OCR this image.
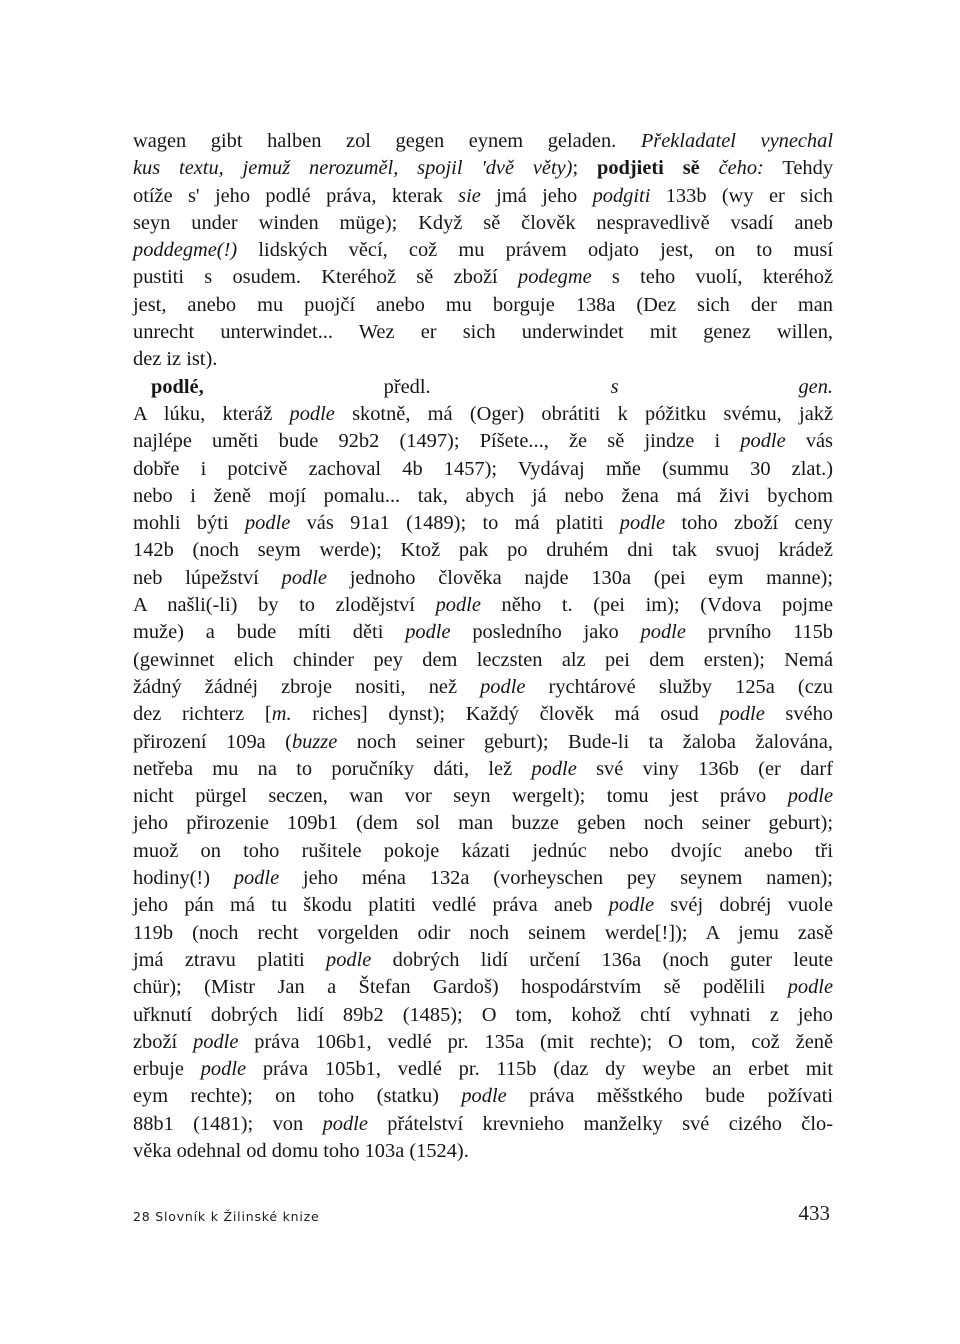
wagen gibt halben zol gegen eynem geladen. Překladatel vynechal
kus textu, jemuž nerozuměl, spojil 'dvě věty); podjieti sě čeho: Tehdy
otíže s' jeho podlé práva, kterak sie jmá jeho podgiti 133b (wy er sich
seyn under winden müge); Když sě člověk nespravedlivě vsadí aneb
poddegme(!) lidských věcí, což mu právem odjato jest, on to musí
pustiti s osudem. Kteréhož sě zboží podegme s teho vuolí, kteréhož
jest, anebo mu puojčí anebo mu borguje 138a (Dez sich der man
unrecht unterwindet... Wez er sich underwindet mit genez willen,
dez iz ist).
podlé, předl. s gen.
A lúku, kteráž podle skotně, má (Oger) obrátiti k póžitku svému, jakž
najlépe uměti bude 92b2 (1497); Píšete..., že sě jindze i podle vás
dobře i potcivě zachoval 4b 1457); Vydávaj mňe (summu 30 zlat.)
nebo i ženě mojí pomalu... tak, abych já nebo žena má živi bychom
mohli býti podle vás 91a1 (1489); to má platiti podle toho zboží ceny
142b (noch seym werde); Ktož pak po druhém dni tak svuoj krádež
neb lúpežství podle jednoho člověka najde 130a (pei eym manne);
A našli(-li) by to zlodějství podle něho t. (pei im); (Vdova pojme
muže) a bude míti děti podle posledního jako podle prvního 115b
(gewinnet elich chinder pey dem leczsten alz pei dem ersten); Nemá
žádný žádnéj zbroje nositi, než podle rychtárové služby 125a (czu
dez richterz [m. riches] dynst); Každý člověk má osud podle svého
přirození 109a (buzze noch seiner geburt); Bude-li ta žaloba žalována,
netřeba mu na to poručníky dáti, lež podle své viny 136b (er darf
nicht pürgel seczen, wan vor seyn wergelt); tomu jest právo podle
jeho přirozenie 109b1 (dem sol man buzze geben noch seiner geburt);
muož on toho rušitele pokoje kázati jednúc nebo dvojíc anebo tři
hodiny(!) podle jeho ména 132a (vorheyschen pey seynem namen);
jeho pán má tu škodu platiti vedlé práva aneb podle svéj dobréj vuole
119b (noch recht vorgelden odir noch seinem werde[!]); A jemu zasě
jmá ztravu platiti podle dobrých lidí určení 136a (noch guter leute
chür); (Mistr Jan a Štefan Gardoš) hospodárstvím sě podělili podle
uřknutí dobrých lidí 89b2 (1485); O tom, kohož chtí vyhnati z jeho
zboží podle práva 106b1, vedlé pr. 135a (mit rechte); O tom, což ženě
erbuje podle práva 105b1, vedlé pr. 115b (daz dy weybe an erbet mit
eym rechte); on toho (statku) podle práva měšstkého bude požívati
88b1 (1481); von podle přátelství krevnieho manželky své cizého člo-
věka odehnal od domu toho 103a (1524).
28 Slovník k Žilinské knize	433
